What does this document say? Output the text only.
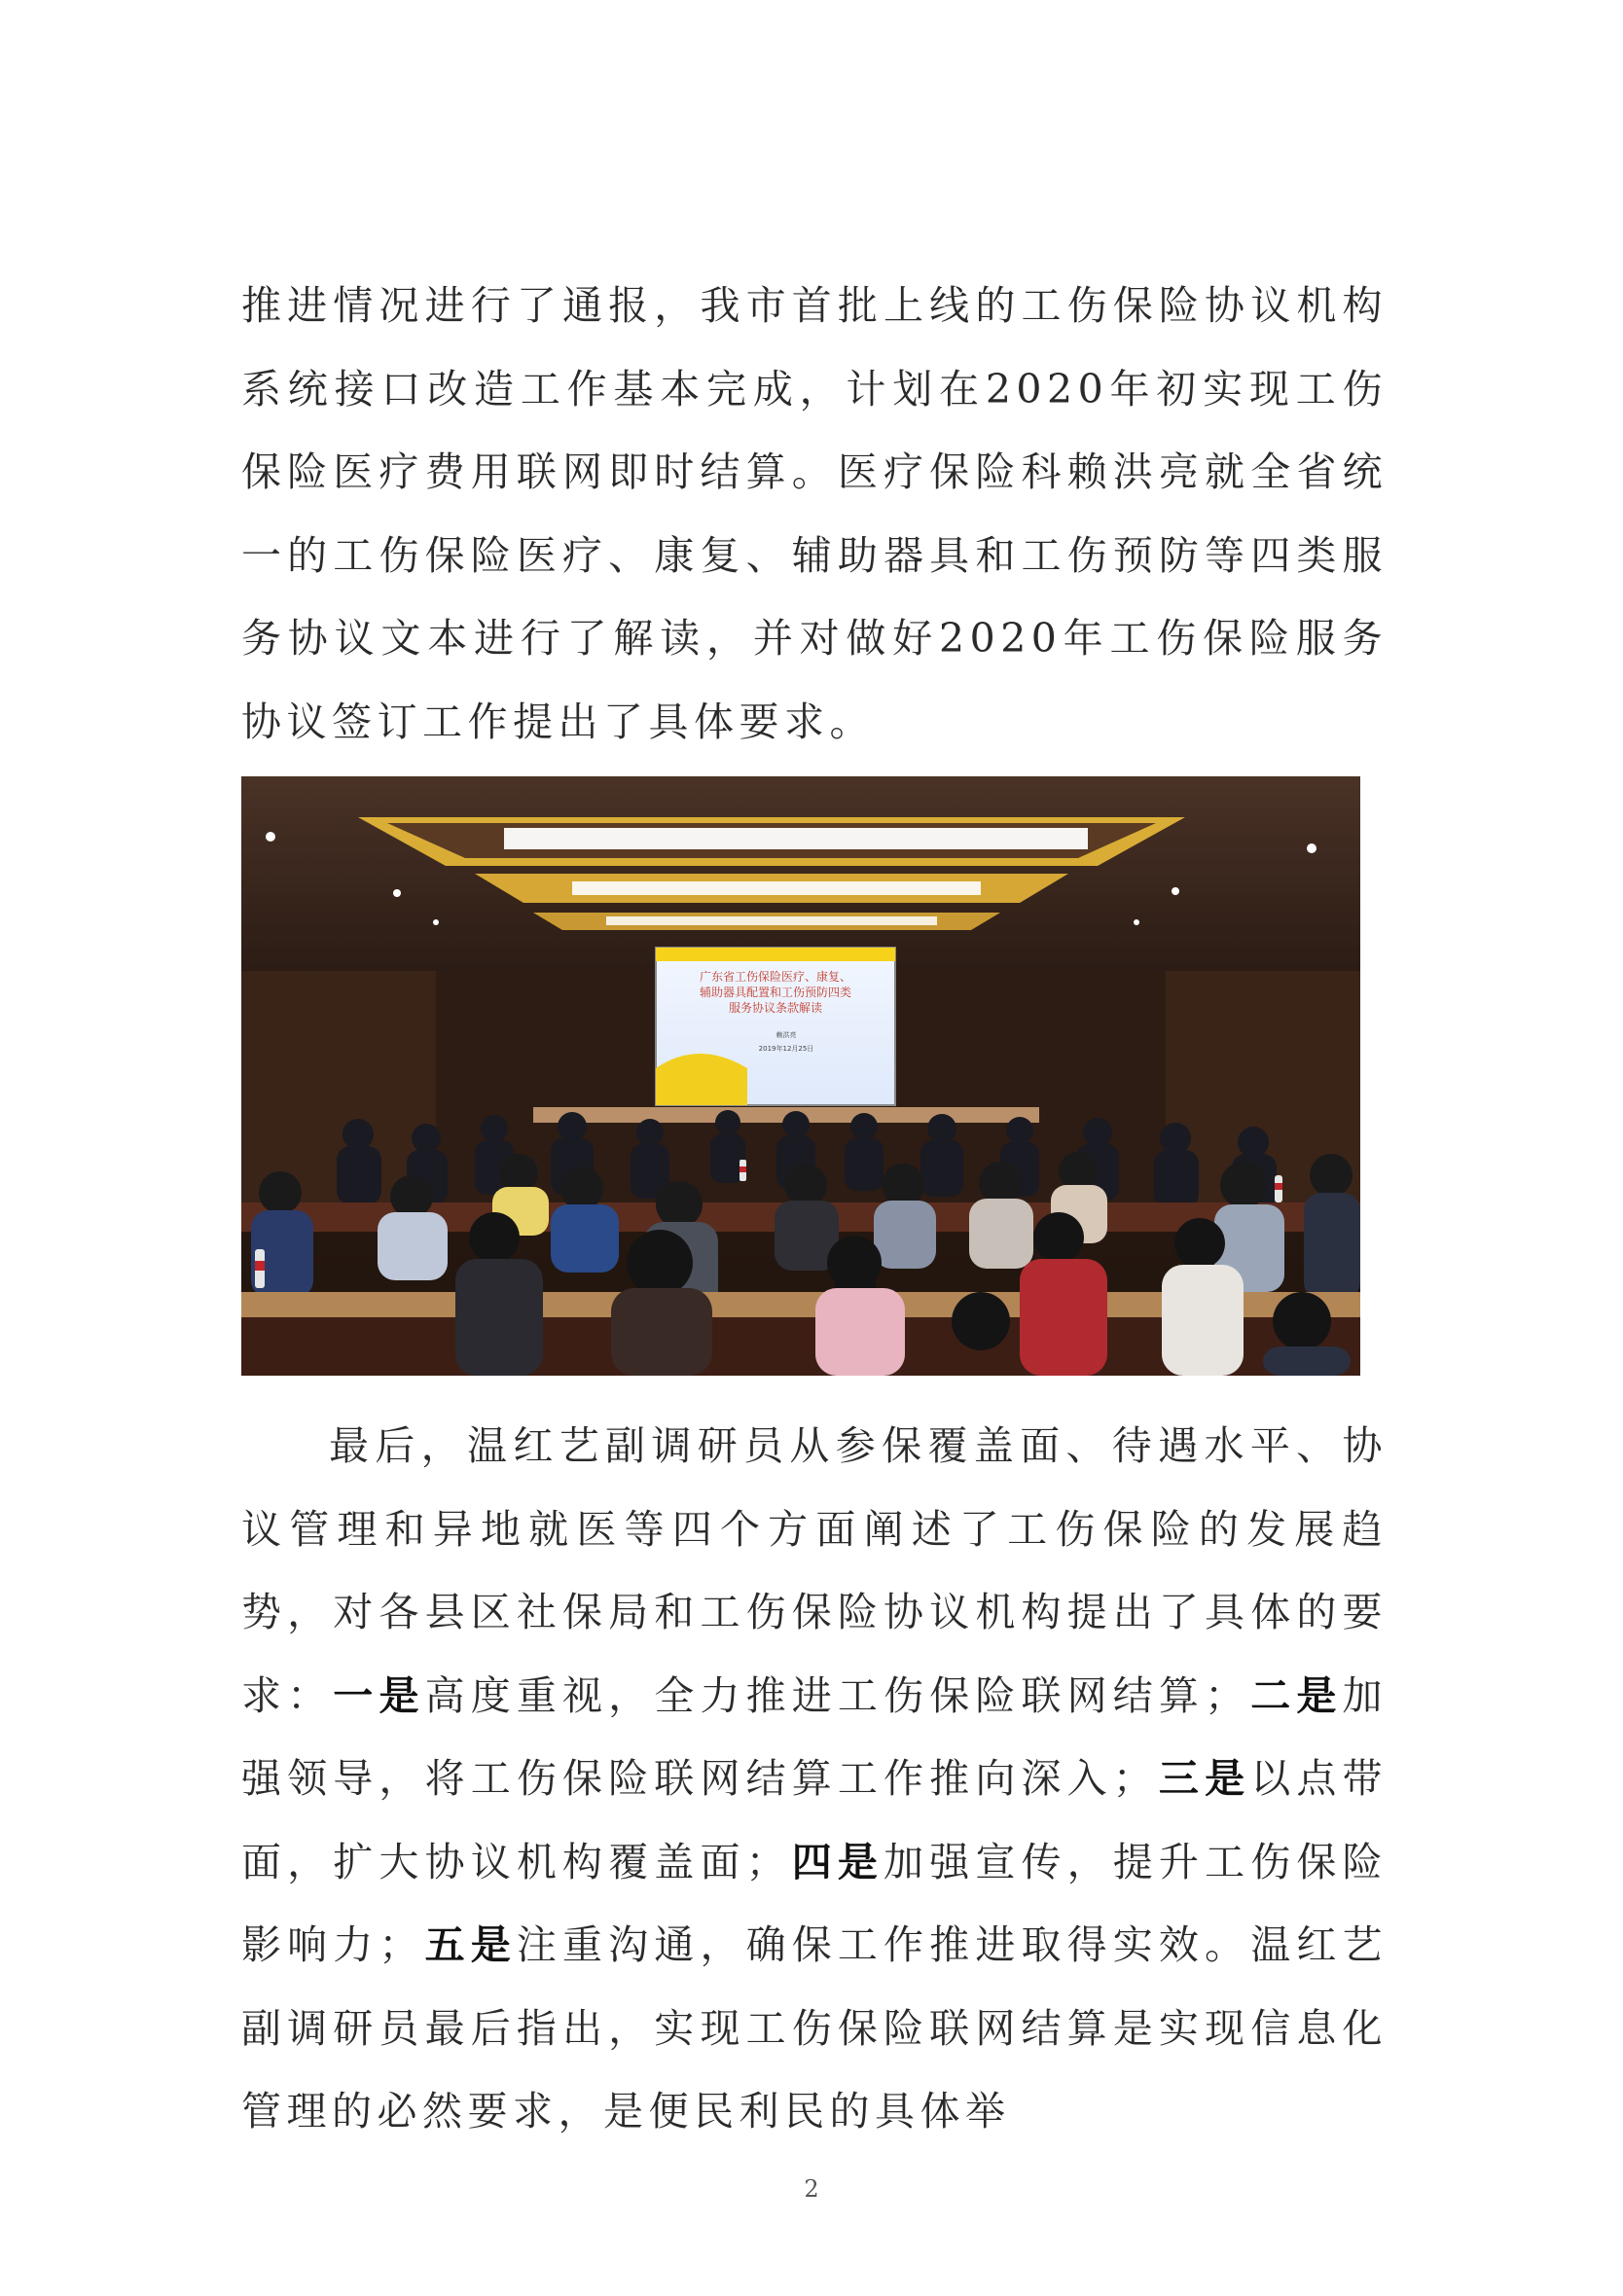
推进情况进行了通报，我市首批上线的工伤保险协议机构系统接口改造工作基本完成，计划在2020年初实现工伤保险医疗费用联网即时结算。医疗保险科赖洪亮就全省统一的工伤保险医疗、康复、辅助器具和工伤预防等四类服务协议文本进行了解读，并对做好2020年工伤保险服务协议签订工作提出了具体要求。

广东省工伤保险医疗、康复、
辅助器具配置和工伤预防四类
服务协议条款解读
赖洪亮
2019年12月25日

最后，温红艺副调研员从参保覆盖面、待遇水平、协议管理和异地就医等四个方面阐述了工伤保险的发展趋势，对各县区社保局和工伤保险协议机构提出了具体的要求：一是高度重视，全力推进工伤保险联网结算；二是加强领导，将工伤保险联网结算工作推向深入；三是以点带面，扩大协议机构覆盖面；四是加强宣传，提升工伤保险影响力；五是注重沟通，确保工作推进取得实效。温红艺副调研员最后指出，实现工伤保险联网结算是实现信息化管理的必然要求，是便民利民的具体举

2
